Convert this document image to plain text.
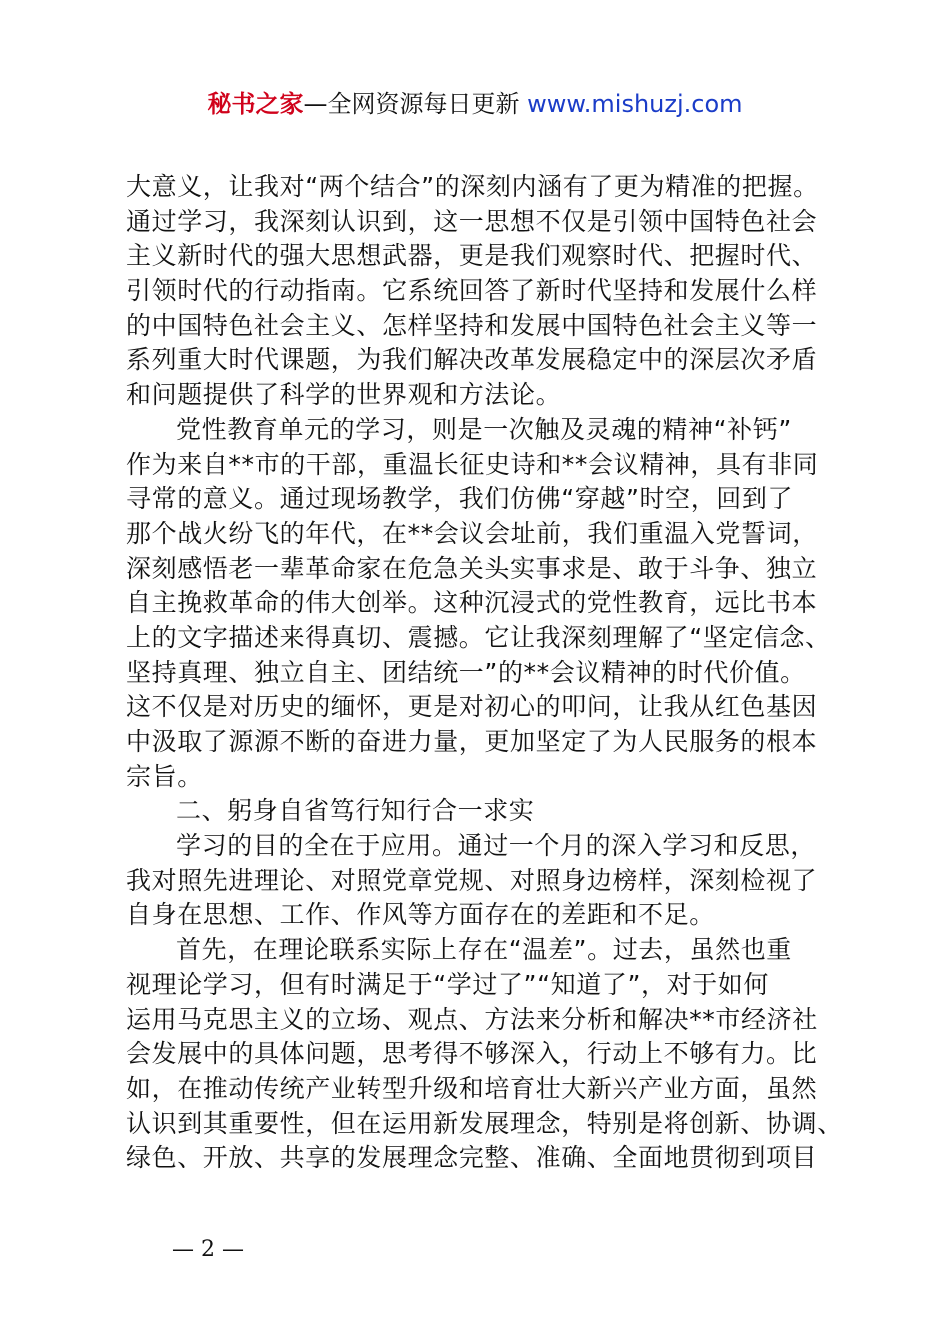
秘书之家—全网资源每日更新 www.mishuzj.com
大意义，让我对“两个结合”的深刻内涵有了更为精准的把握。
通过学习，我深刻认识到，这一思想不仅是引领中国特色社会
主义新时代的强大思想武器，更是我们观察时代、把握时代、
引领时代的行动指南。它系统回答了新时代坚持和发展什么样
的中国特色社会主义、怎样坚持和发展中国特色社会主义等一
系列重大时代课题，为我们解决改革发展稳定中的深层次矛盾
和问题提供了科学的世界观和方法论。
党性教育单元的学习，则是一次触及灵魂的精神“补钙”
作为来自**市的干部，重温长征史诗和**会议精神，具有非同
寻常的意义。通过现场教学，我们仿佛“穿越”时空，回到了
那个战火纷飞的年代，在**会议会址前，我们重温入党誓词，
深刻感悟老一辈革命家在危急关头实事求是、敢于斗争、独立
自主挽救革命的伟大创举。这种沉浸式的党性教育，远比书本
上的文字描述来得真切、震撼。它让我深刻理解了“坚定信念、
坚持真理、独立自主、团结统一”的**会议精神的时代价值。
这不仅是对历史的缅怀，更是对初心的叩问，让我从红色基因
中汲取了源源不断的奋进力量，更加坚定了为人民服务的根本
宗旨。
二、躬身自省笃行知行合一求实
学习的目的全在于应用。通过一个月的深入学习和反思，
我对照先进理论、对照党章党规、对照身边榜样，深刻检视了
自身在思想、工作、作风等方面存在的差距和不足。
首先，在理论联系实际上存在“温差”。过去，虽然也重
视理论学习，但有时满足于“学过了”“知道了”，对于如何
运用马克思主义的立场、观点、方法来分析和解决**市经济社
会发展中的具体问题，思考得不够深入，行动上不够有力。比
如，在推动传统产业转型升级和培育壮大新兴产业方面，虽然
认识到其重要性，但在运用新发展理念，特别是将创新、协调、
绿色、开放、共享的发展理念完整、准确、全面地贯彻到项目
— 2 —
